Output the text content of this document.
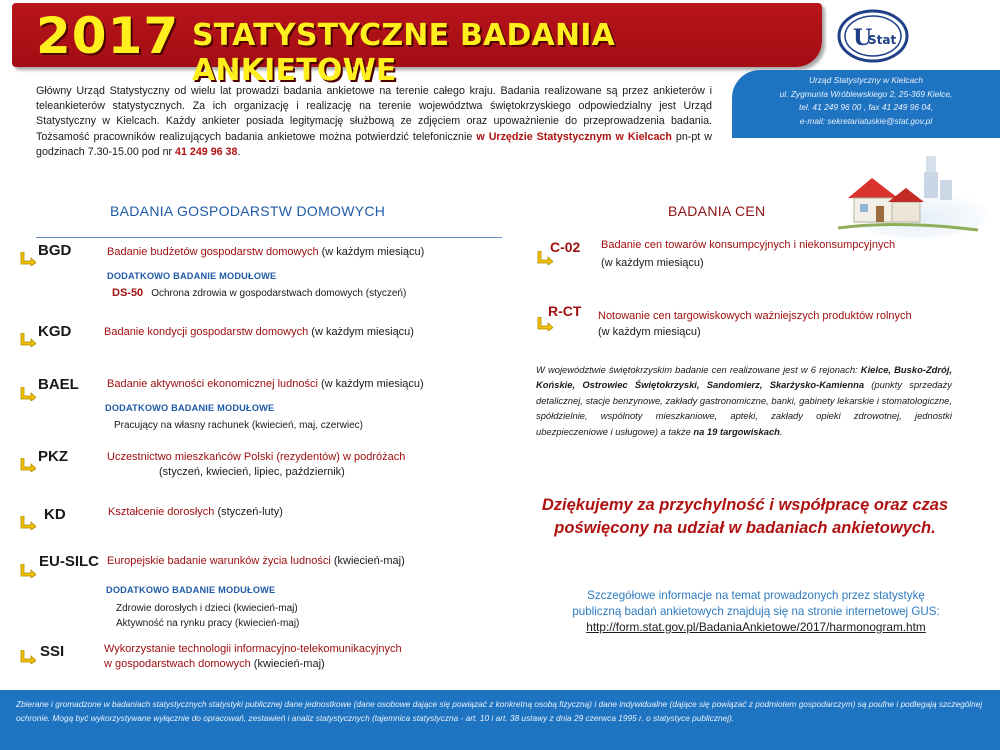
2017 STATYSTYCZNE BADANIA ANKIETOWE
U
Stat
Urząd Statystyczny w Kielcach
ul. Zygmunta Wróblewskiego 2, 25-369 Kielce,
tel. 41 249 96 00 , fax 41 249 96 04,
e-mail: sekretariatuskie@stat.gov.pl
Główny Urząd Statystyczny od wielu lat prowadzi badania ankietowe na terenie całego kraju. Badania realizowane są przez ankieterów i teleankieterów statystycznych. Za ich organizację i realizację na terenie województwa świętokrzyskiego odpowiedzialny jest Urząd Statystyczny w Kielcach. Każdy ankieter posiada legitymację służbową ze zdjęciem oraz upoważnienie do przeprowadzenia badania. Tożsamość pracowników realizujących badania ankietowe można potwierdzić telefonicznie w Urzędzie Statystycznym w Kielcach pn-pt w godzinach 7.30-15.00 pod nr 41 249 96 38.
BADANIA GOSPODARSTW DOMOWYCH	BADANIA CEN
BGD	Badanie budżetów gospodarstw domowych (w każdym miesiącu)
DODATKOWO BADANIE MODUŁOWE
DS-50 Ochrona zdrowia w gospodarstwach domowych (styczeń)
KGD	Badanie kondycji gospodarstw domowych (w każdym miesiącu)
BAEL	Badanie aktywności ekonomicznej ludności (w każdym miesiącu)
DODATKOWO BADANIE MODUŁOWE
Pracujący na własny rachunek (kwiecień, maj, czerwiec)
PKZ	Uczestnictwo mieszkańców Polski (rezydentów) w podróżach
(styczeń, kwiecień, lipiec, październik)
KD	Kształcenie dorosłych (styczeń-luty)
EU-SILC Europejskie badanie warunków życia ludności (kwiecień-maj)
DODATKOWO BADANIE MODUŁOWE
Zdrowie dorosłych i dzieci (kwiecień-maj)
Aktywność na rynku pracy (kwiecień-maj)
SSI	Wykorzystanie technologii informacyjno-telekomunikacyjnych
w gospodarstwach domowych (kwiecień-maj)
C-02 Badanie cen towarów konsumpcyjnych i niekonsumpcyjnych
(w każdym miesiącu)
R-CT Notowanie cen targowiskowych ważniejszych produktów rolnych
(w każdym miesiącu)
W województwie świętokrzyskim badanie cen realizowane jest w 6 rejonach: Kielce, Busko-Zdrój, Końskie, Ostrowiec Świętokrzyski, Sandomierz, Skarżysko-Kamienna (punkty sprzedaży detalicznej, stacje benzynowe, zakłady gastronomiczne, banki, gabinety lekarskie i stomatologiczne, spółdzielnie, wspólnoty mieszkaniowe, apteki, zakłady opieki zdrowotnej, jednostki ubezpieczeniowe i usługowe) a także na 19 targowiskach.
Dziękujemy za przychylność i współpracę oraz czas
poświęcony na udział w badaniach ankietowych.
Szczegółowe informacje na temat prowadzonych przez statystykę
publiczną badań ankietowych znajdują się na stronie internetowej GUS:
http://form.stat.gov.pl/BadaniaAnkietowe/2017/harmonogram.htm
Zbierane i gromadzone w badaniach statystycznych statystyki publicznej dane jednostkowe (dane osobowe dające się powiązać z konkretną osobą fizyczną) i dane indywidualne (dające się powiązać z podmiotem gospodarczym) są poufne i podlegają szczególnej ochronie. Mogą być wykorzystywane wyłącznie do opracowań, zestawień i analiz statystycznych (tajemnica statystyczna - art. 10 i art. 38 ustawy z dnia 29 czerwca 1995 r. o statystyce publicznej).
